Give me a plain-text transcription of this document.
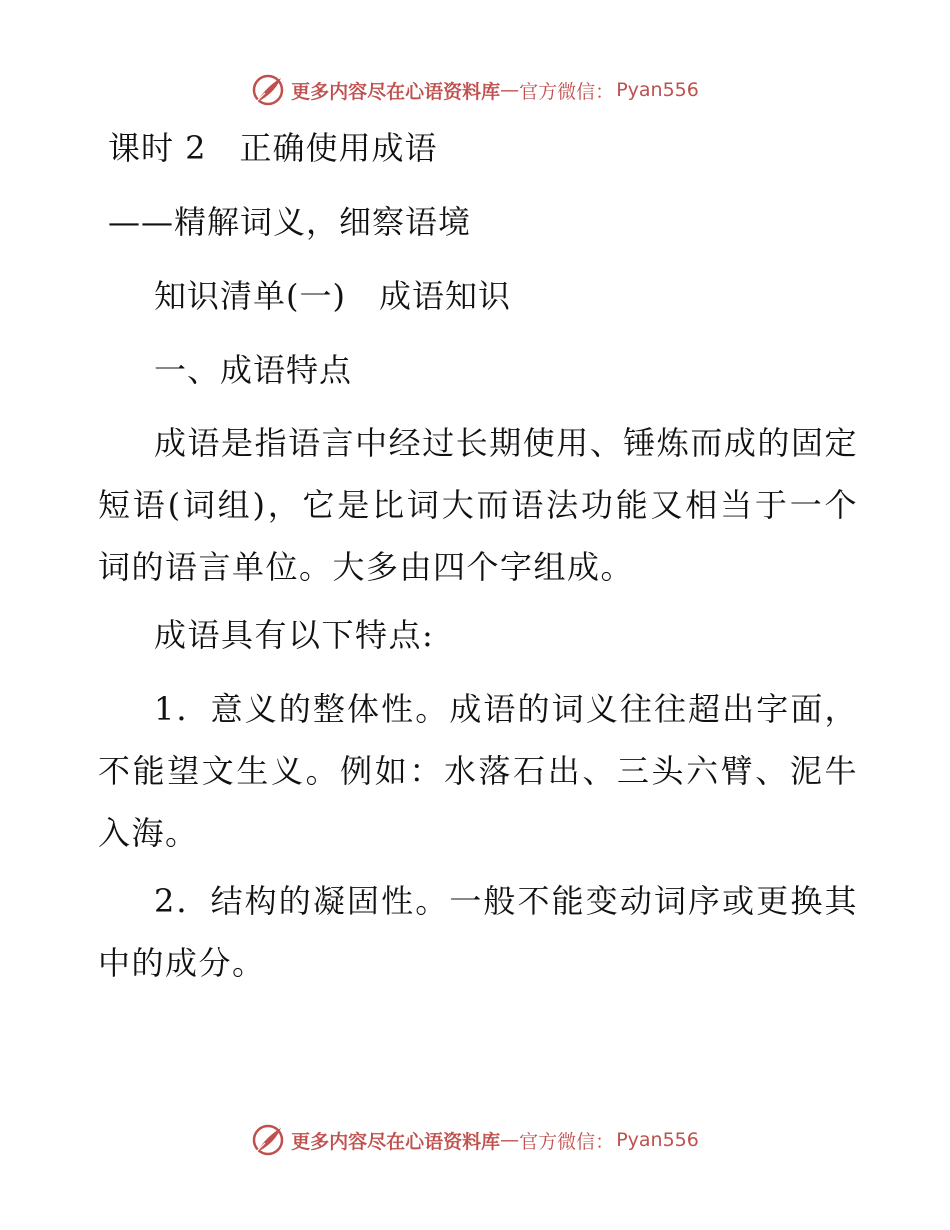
更多内容尽在心语资料库 — 官方微信： Pyan556
课时 2　正确使用成语
——精解词义，细察语境
知识清单(一)　成语知识
一、成语特点
成语是指语言中经过长期使用、锤炼而成的固定短语(词组)，它是比词大而语法功能又相当于一个词的语言单位。大多由四个字组成。
成语具有以下特点:
1．意义的整体性。成语的词义往往超出字面，不能望文生义。例如：水落石出、三头六臂、泥牛入海。
2．结构的凝固性。一般不能变动词序或更换其中的成分。
更多内容尽在心语资料库 — 官方微信： Pyan556
